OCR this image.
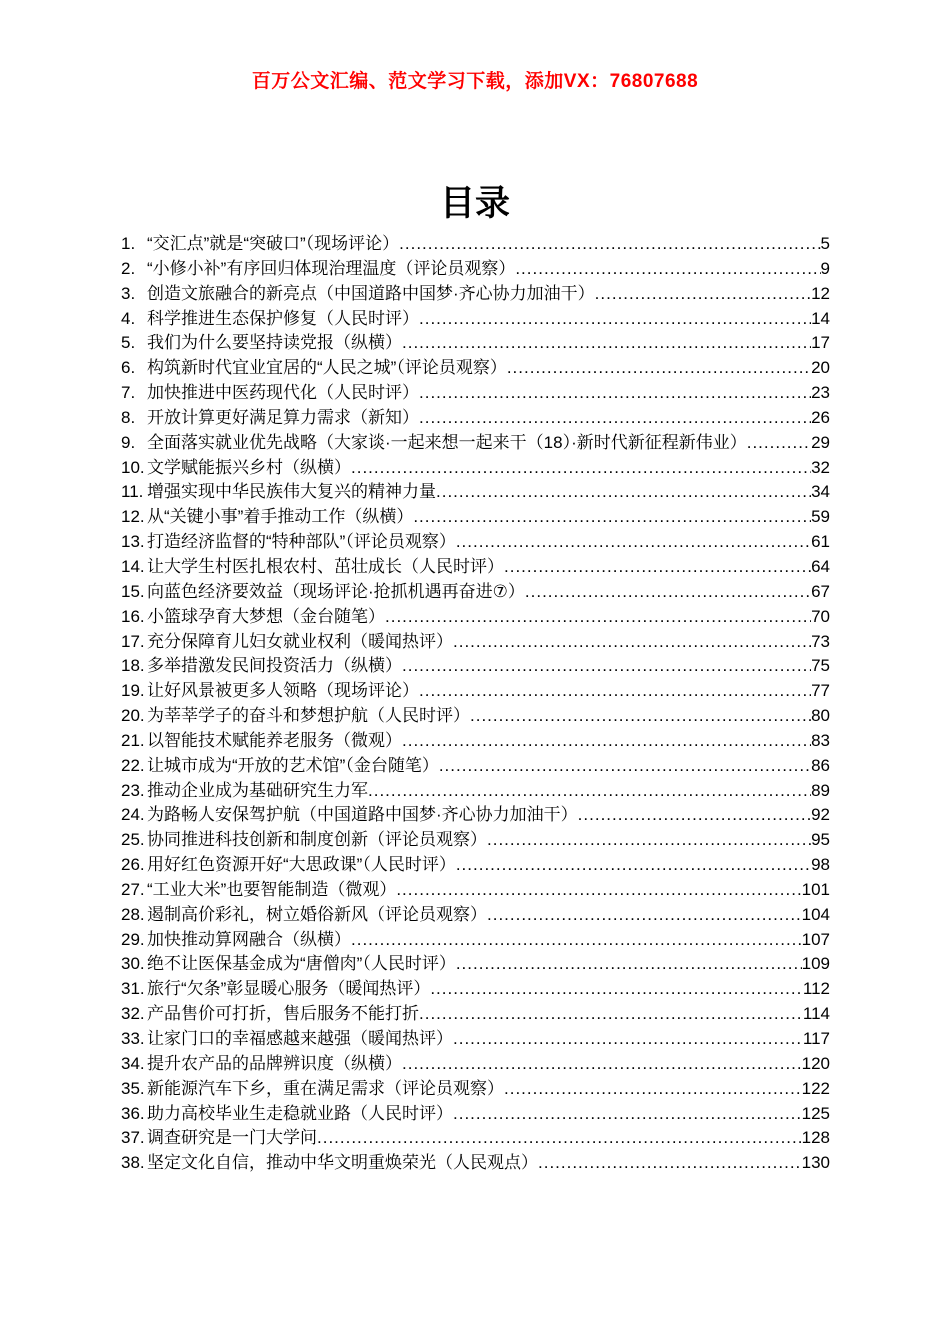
百万公文汇编、范文学习下载，添加VX：76807688
目录
1. “交汇点”就是“突破口”（现场评论） .....	5
2. “小修小补”有序回归体现治理温度（评论员观察） .....	9
3. 创造文旅融合的新亮点（中国道路中国梦·齐心协力加油干） .....	12
4. 科学推进生态保护修复（人民时评） .....	14
5. 我们为什么要坚持读党报（纵横） .....	17
6. 构筑新时代宜业宜居的“人民之城”（评论员观察） .....	20
7. 加快推进中医药现代化（人民时评） .....	23
8. 开放计算更好满足算力需求（新知） .....	26
9. 全面落实就业优先战略（大家谈·一起来想一起来干（18）·新时代新征程新伟业） .....	29
10. 文学赋能振兴乡村（纵横） .....	32
11. 增强实现中华民族伟大复兴的精神力量 .....	34
12. 从“关键小事”着手推动工作（纵横） .....	59
13. 打造经济监督的“特种部队”（评论员观察） .....	61
14. 让大学生村医扎根农村、茁壮成长（人民时评） .....	64
15. 向蓝色经济要效益（现场评论·抢抓机遇再奋进⑦） .....	67
16. 小篮球孕育大梦想（金台随笔） .....	70
17. 充分保障育儿妇女就业权利（暖闻热评） .....	73
18. 多举措激发民间投资活力（纵横） .....	75
19. 让好风景被更多人领略（现场评论） .....	77
20. 为莘莘学子的奋斗和梦想护航（人民时评） .....	80
21. 以智能技术赋能养老服务（微观） .....	83
22. 让城市成为“开放的艺术馆”（金台随笔） .....	86
23. 推动企业成为基础研究生力军 .....	89
24. 为路畅人安保驾护航（中国道路中国梦·齐心协力加油干） .....	92
25. 协同推进科技创新和制度创新（评论员观察） .....	95
26. 用好红色资源开好“大思政课”（人民时评） .....	98
27. “工业大米”也要智能制造（微观） .....	101
28. 遏制高价彩礼，树立婚俗新风（评论员观察） .....	104
29. 加快推动算网融合（纵横） .....	107
30. 绝不让医保基金成为“唐僧肉”（人民时评） .....	109
31. 旅行“欠条”彰显暖心服务（暖闻热评） .....	112
32. 产品售价可打折，售后服务不能打折 .....	114
33. 让家门口的幸福感越来越强（暖闻热评） .....	117
34. 提升农产品的品牌辨识度（纵横） .....	120
35. 新能源汽车下乡，重在满足需求（评论员观察） .....	122
36. 助力高校毕业生走稳就业路（人民时评） .....	125
37. 调查研究是一门大学问 .....	128
38. 坚定文化自信，推动中华文明重焕荣光（人民观点） .....	130
